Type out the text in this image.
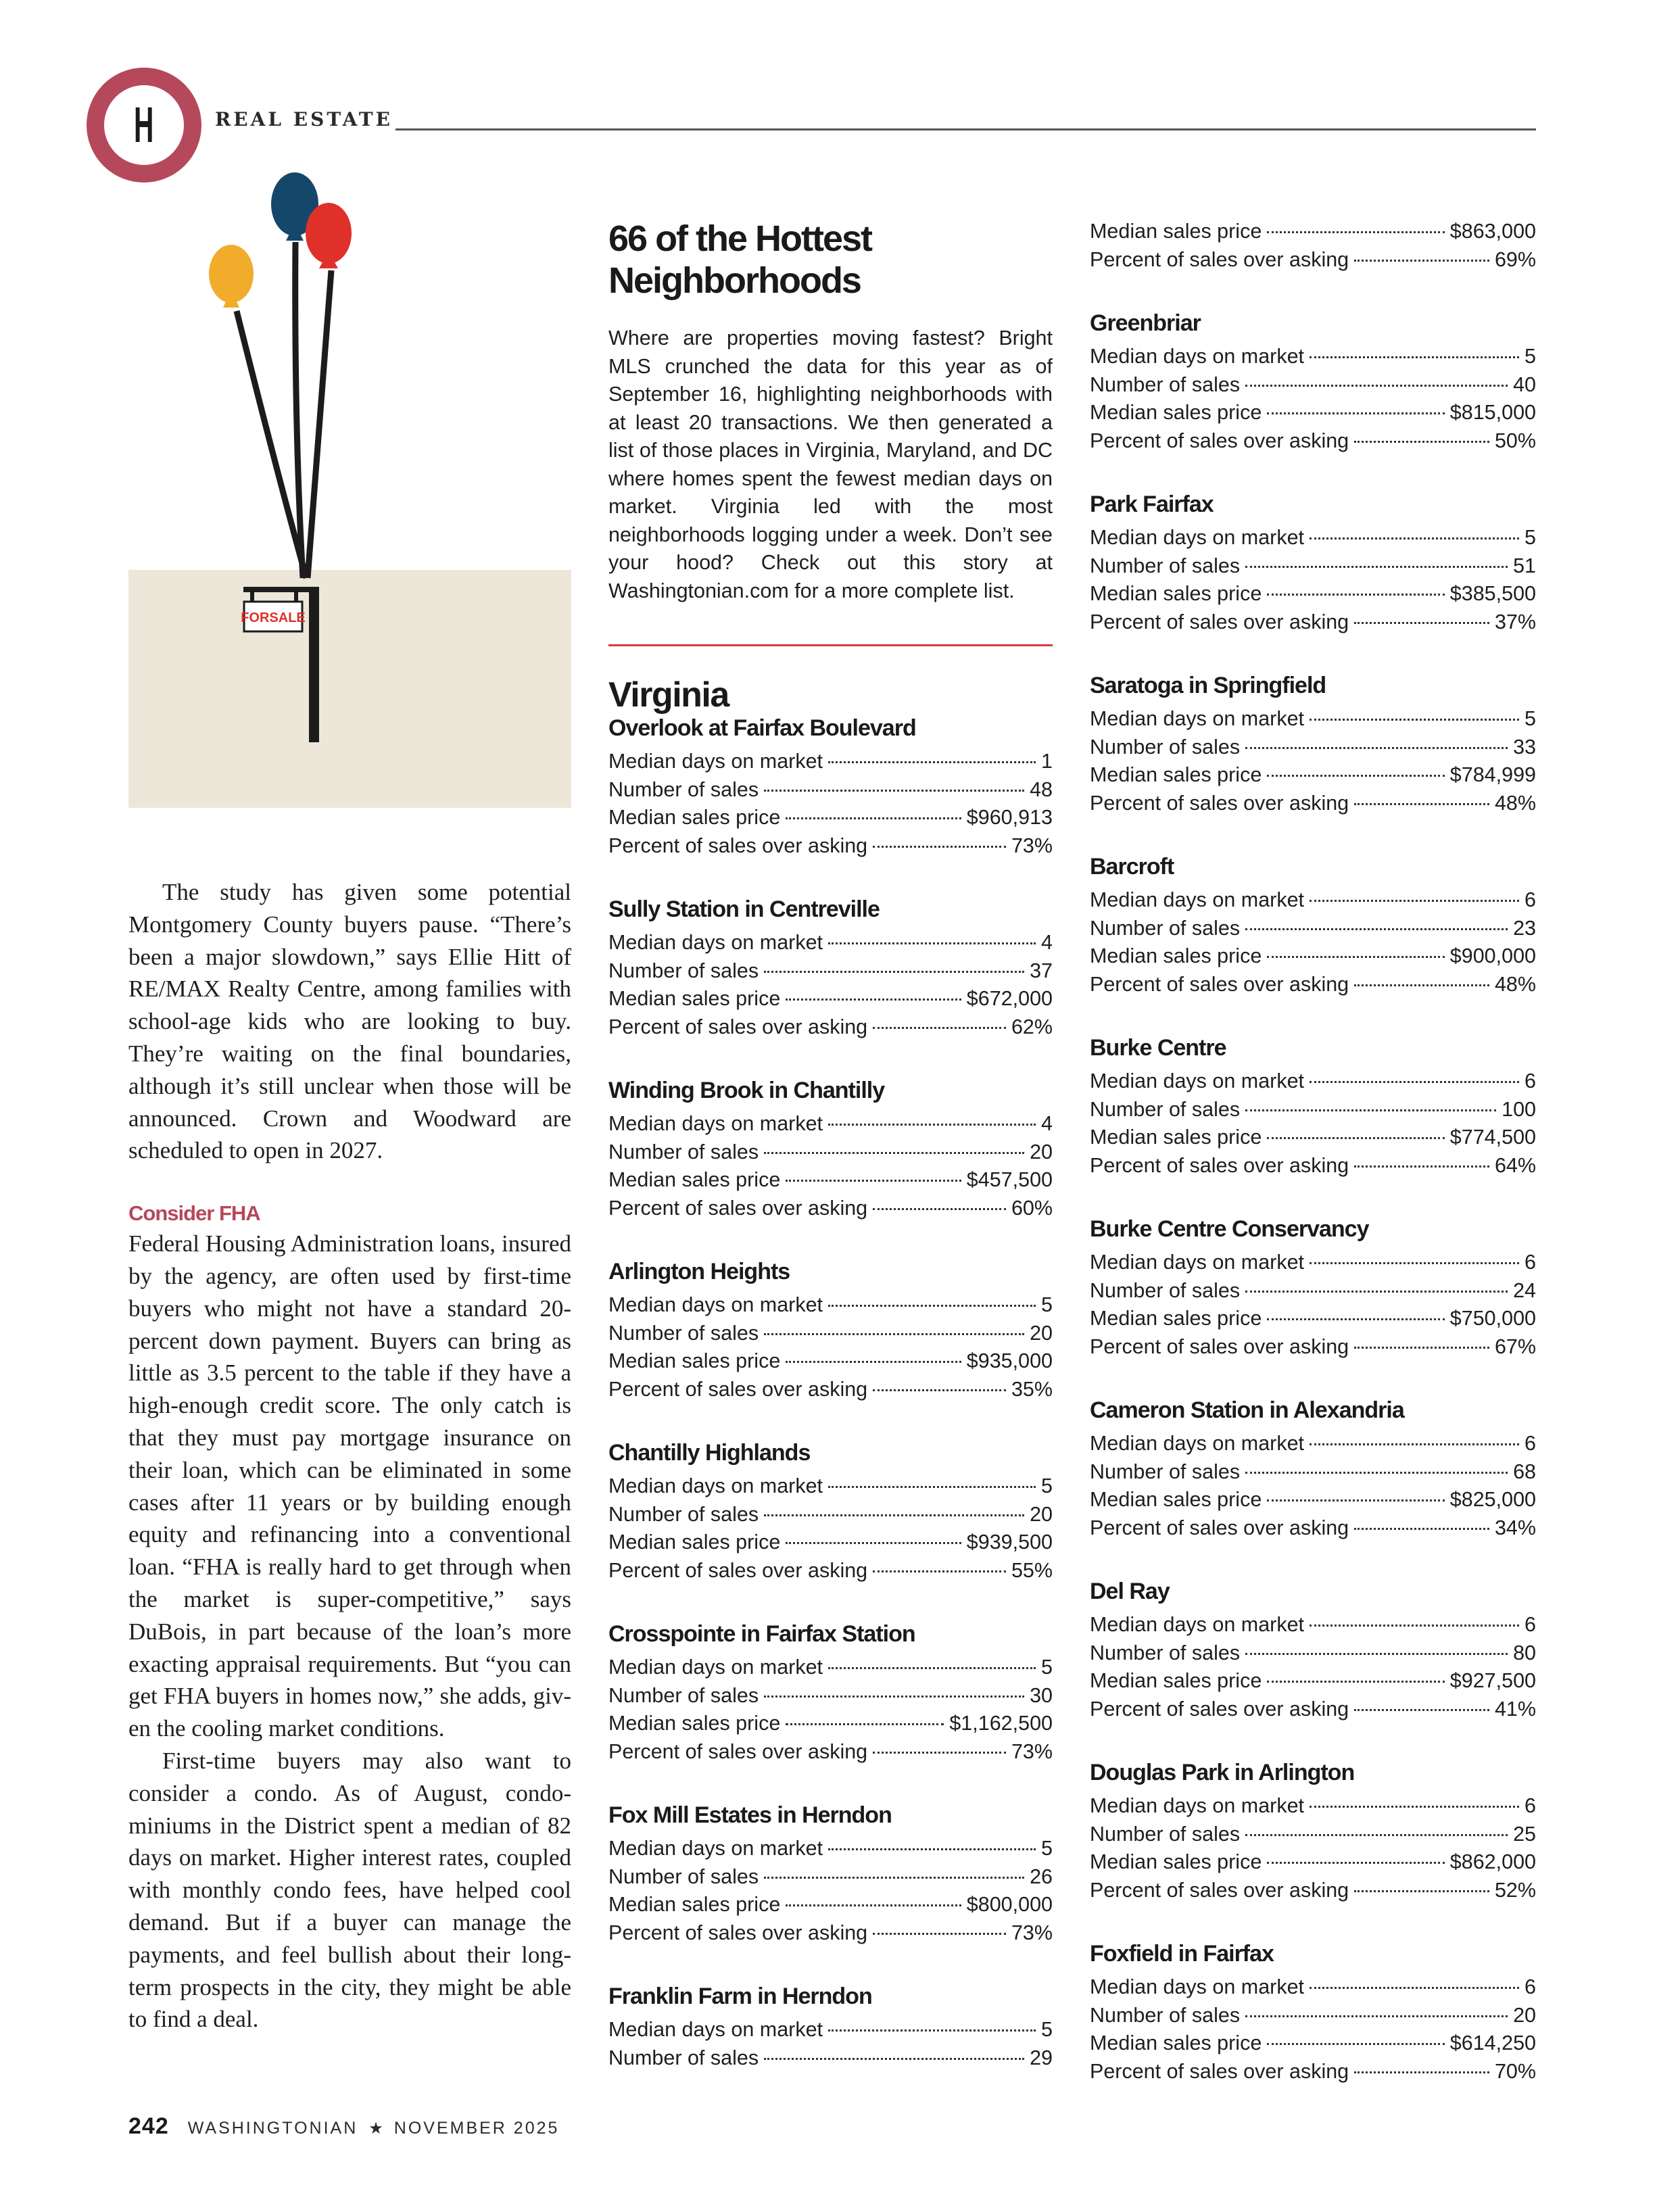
H	REAL ESTATE
FORSALE

The study has given some potential Montgomery County buyers pause. “There’s been a major slowdown,” says Ellie Hitt of RE/MAX Realty Centre, among families with school-age kids who are looking to buy. They’re waiting on the final boundaries, although it’s still unclear when those will be announced. Crown and Woodward are scheduled to open in 2027.

Consider FHA

Federal Housing Administration loans, insured by the agency, are often used by first-time buyers who might not have a standard 20-percent down payment. Buyers can bring as little as 3.5 percent to the table if they have a high-enough credit score. The only catch is that they must pay mortgage insurance on their loan, which can be eliminated in some cases after 11 years or by building enough equity and refinancing into a conventional loan. “FHA is really hard to get through when the market is super-competitive,” says DuBois, in part because of the loan’s more exacting appraisal requirements. But “you can get FHA buyers in homes now,” she adds, given the cooling market conditions.

First-time buyers may also want to consider a condo. As of August, condominiums in the District spent a median of 82 days on market. Higher interest rates, coupled with monthly condo fees, have helped cool demand. But if a buyer can manage the payments, and feel bullish about their long-term prospects in the city, they might be able to find a deal.

66 of the Hottest Neighborhoods

Where are properties moving fastest? Bright MLS crunched the data for this year as of September 16, highlighting neighborhoods with at least 20 transactions. We then generated a list of those places in Virginia, Maryland, and DC where homes spent the fewest median days on market. Virginia led with the most neighborhoods logging under a week. Don’t see your hood? Check out this story at Washingtonian.com for a more complete list.

Virginia
Overlook at Fairfax Boulevard
Median days on market	1
Number of sales	48
Median sales price	$960,913
Percent of sales over asking	73%
Sully Station in Centreville
Median days on market	4
Number of sales	37
Median sales price	$672,000
Percent of sales over asking	62%
Winding Brook in Chantilly
Median days on market	4
Number of sales	20
Median sales price	$457,500
Percent of sales over asking	60%
Arlington Heights
Median days on market	5
Number of sales	20
Median sales price	$935,000
Percent of sales over asking	35%
Chantilly Highlands
Median days on market	5
Number of sales	20
Median sales price	$939,500
Percent of sales over asking	55%
Crosspointe in Fairfax Station
Median days on market	5
Number of sales	30
Median sales price	$1,162,500
Percent of sales over asking	73%
Fox Mill Estates in Herndon
Median days on market	5
Number of sales	26
Median sales price	$800,000
Percent of sales over asking	73%
Franklin Farm in Herndon
Median days on market	5
Number of sales	29
Median sales price	$863,000
Percent of sales over asking	69%
Greenbriar
Median days on market	5
Number of sales	40
Median sales price	$815,000
Percent of sales over asking	50%
Park Fairfax
Median days on market	5
Number of sales	51
Median sales price	$385,500
Percent of sales over asking	37%
Saratoga in Springfield
Median days on market	5
Number of sales	33
Median sales price	$784,999
Percent of sales over asking	48%
Barcroft
Median days on market	6
Number of sales	23
Median sales price	$900,000
Percent of sales over asking	48%
Burke Centre
Median days on market	6
Number of sales	100
Median sales price	$774,500
Percent of sales over asking	64%
Burke Centre Conservancy
Median days on market	6
Number of sales	24
Median sales price	$750,000
Percent of sales over asking	67%
Cameron Station in Alexandria
Median days on market	6
Number of sales	68
Median sales price	$825,000
Percent of sales over asking	34%
Del Ray
Median days on market	6
Number of sales	80
Median sales price	$927,500
Percent of sales over asking	41%
Douglas Park in Arlington
Median days on market	6
Number of sales	25
Median sales price	$862,000
Percent of sales over asking	52%
Foxfield in Fairfax
Median days on market	6
Number of sales	20
Median sales price	$614,250
Percent of sales over asking	70%
242 WASHINGTONIAN ★ NOVEMBER 2025
